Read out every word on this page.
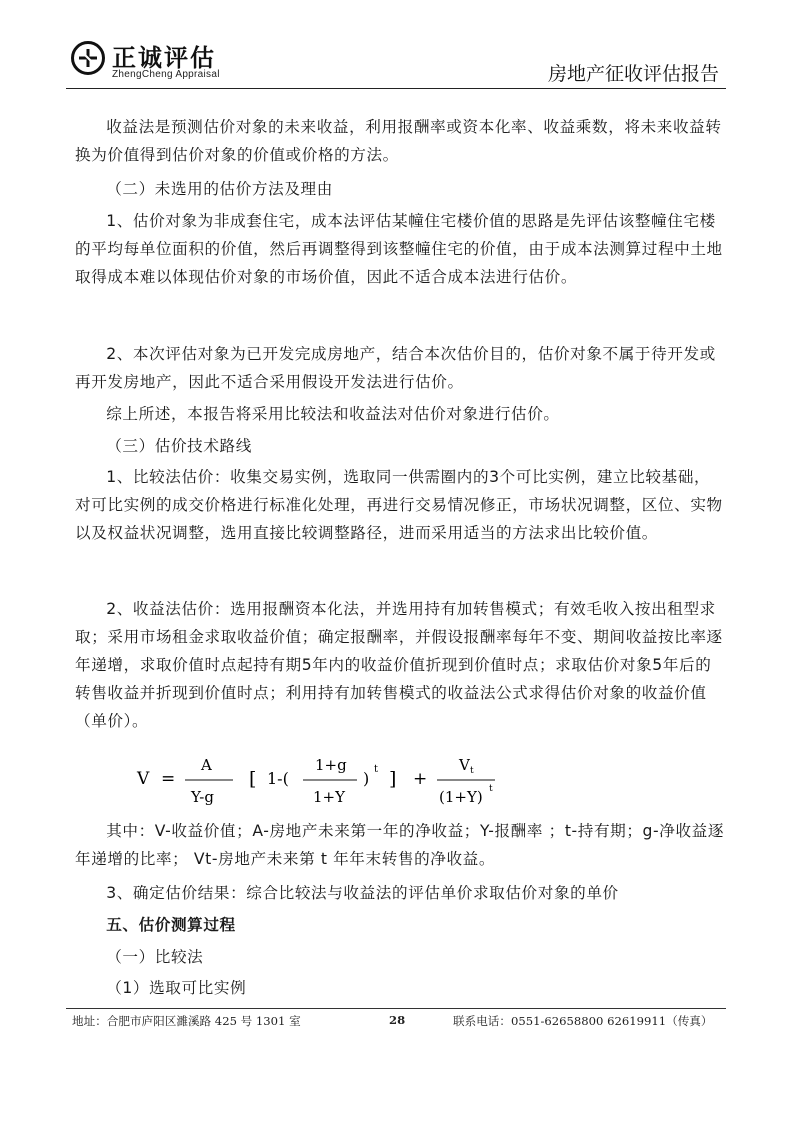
正诚评估
ZhengCheng Appraisal	房地产征收评估报告
收益法是预测估价对象的未来收益，利用报酬率或资本化率、收益乘数，将未来收益转换为价值得到估价对象的价值或价格的方法。
（二）未选用的估价方法及理由
1、估价对象为非成套住宅，成本法评估某幢住宅楼价值的思路是先评估该整幢住宅楼的平均每单位面积的价值，然后再调整得到该整幢住宅的价值，由于成本法测算过程中土地取得成本难以体现估价对象的市场价值，因此不适合成本法进行估价。
2、本次评估对象为已开发完成房地产，结合本次估价目的，估价对象不属于待开发或再开发房地产，因此不适合采用假设开发法进行估价。
综上所述，本报告将采用比较法和收益法对估价对象进行估价。
（三）估价技术路线
1、比较法估价：收集交易实例，选取同一供需圈内的3个可比实例，建立比较基础，对可比实例的成交价格进行标准化处理，再进行交易情况修正，市场状况调整，区位、实物以及权益状况调整，选用直接比较调整路径，进而采用适当的方法求出比较价值。
2、收益法估价：选用报酬资本化法，并选用持有加转售模式；有效毛收入按出租型求取；采用市场租金求取收益价值；确定报酬率，并假设报酬率每年不变、期间收益按比率逐年递增，求取价值时点起持有期5年内的收益价值折现到价值时点；求取估价对象5年后的转售收益并折现到价值时点；利用持有加转售模式的收益法公式求得估价对象的收益价值（单价）。
V =
A
Y-g
[ 1-(
1+g
1+Y
) t ] +
V t
(1+Y) t
其中：V-收益价值；A-房地产未来第一年的净收益；Y-报酬率 ；t-持有期；g-净收益逐年递增的比率； Vt-房地产未来第 t 年年末转售的净收益。
3、确定估价结果：综合比较法与收益法的评估单价求取估价对象的单价
五、估价测算过程
（一）比较法
（1）选取可比实例
地址：合肥市庐阳区濉溪路 425 号 1301 室	28	联系电话：0551-62658800 62619911（传真）
